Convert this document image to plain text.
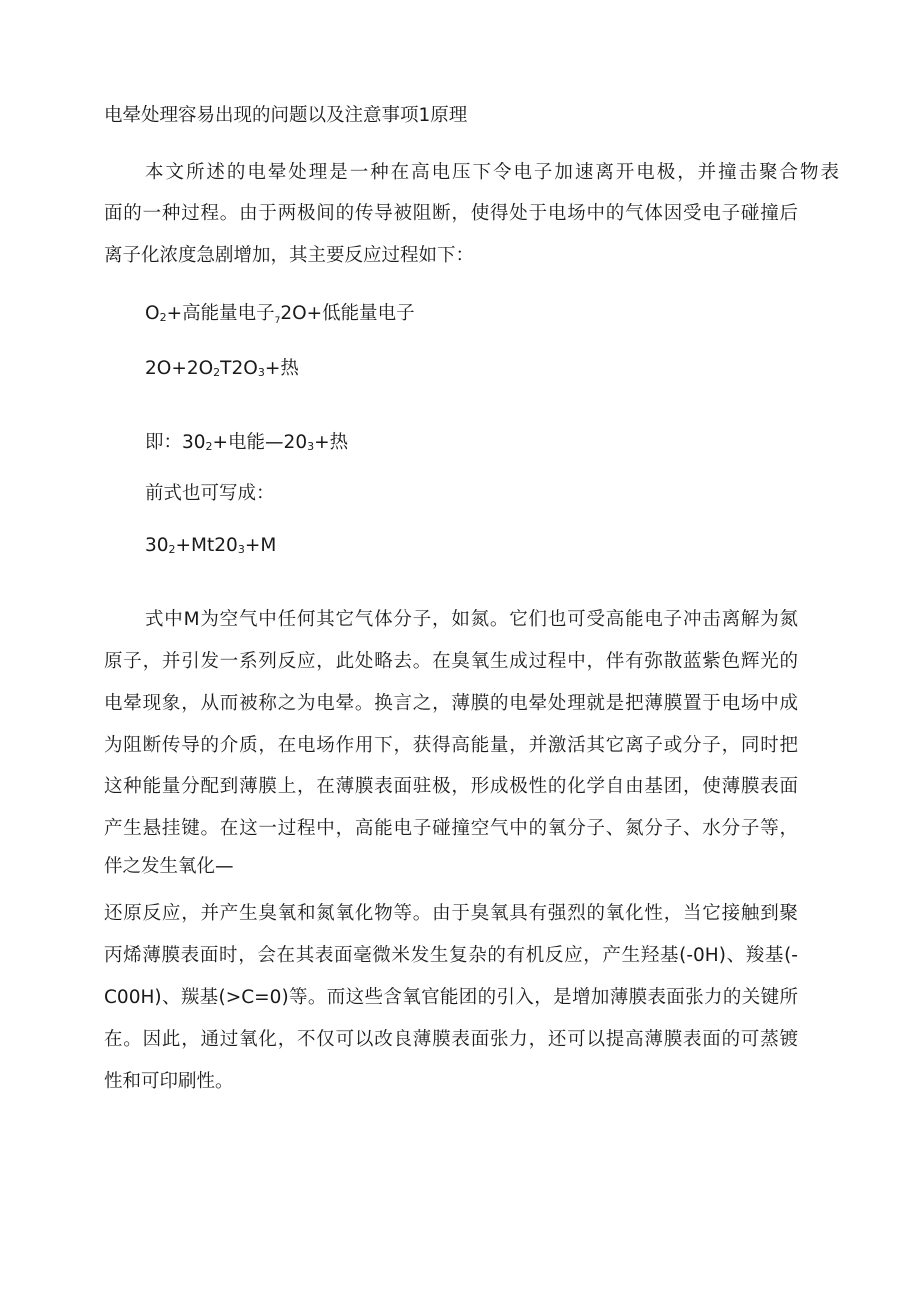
电晕处理容易出现的问题以及注意事项1原理
本文所述的电晕处理是一种在高电压下令电子加速离开电极，并撞击聚合物表
面的一种过程。由于两极间的传导被阻断，使得处于电场中的气体因受电子碰撞后
离子化浓度急剧增加，其主要反应过程如下：
$O_2+$高能量电子$_7$2O+低能量电子
$2O+2O_2T2O_3+$热
即：$30_2+$电能$—20_3+$热
前式也可写成：
$30_2+Mt20_3+M$
式中M为空气中任何其它气体分子，如氮。它们也可受高能电子冲击离解为氮
原子，并引发一系列反应，此处略去。在臭氧生成过程中，伴有弥散蓝紫色辉光的
电晕现象，从而被称之为电晕。换言之，薄膜的电晕处理就是把薄膜置于电场中成
为阻断传导的介质，在电场作用下，获得高能量，并激活其它离子或分子，同时把
这种能量分配到薄膜上，在薄膜表面驻极，形成极性的化学自由基团，使薄膜表面
产生悬挂键。在这一过程中，高能电子碰撞空气中的氧分子、氮分子、水分子等，
伴之发生氧化—
还原反应，并产生臭氧和氮氧化物等。由于臭氧具有强烈的氧化性，当它接触到聚
丙烯薄膜表面时，会在其表面毫微米发生复杂的有机反应，产生羟基(-0H)、羧基(-
C00H)、羰基(>C=0)等。而这些含氧官能团的引入，是增加薄膜表面张力的关键所
在。因此，通过氧化，不仅可以改良薄膜表面张力，还可以提高薄膜表面的可蒸镀
性和可印刷性。
